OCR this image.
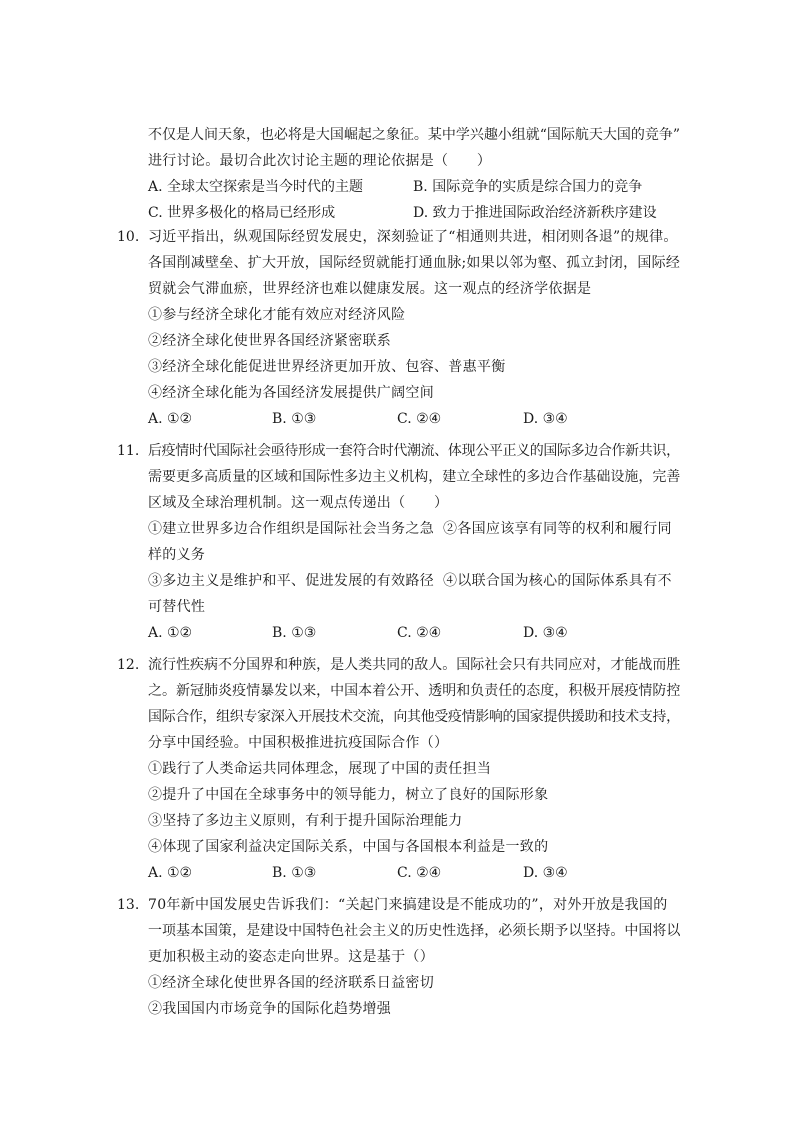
不仅是人间天象，也必将是大国崛起之象征。某中学兴趣小组就“国际航天大国的竞争”
进行讨论。最切合此次讨论主题的理论依据是（　　）
A. 全球太空探索是当今时代的主题	B. 国际竞争的实质是综合国力的竞争
C. 世界多极化的格局已经形成	D. 致力于推进国际政治经济新秩序建设
10. 习近平指出，纵观国际经贸发展史，深刻验证了“相通则共进，相闭则各退”的规律。
各国削减壁垒、扩大开放，国际经贸就能打通血脉;如果以邻为壑、孤立封闭，国际经
贸就会气滞血瘀，世界经济也难以健康发展。这一观点的经济学依据是
①参与经济全球化才能有效应对经济风险
②经济全球化使世界各国经济紧密联系
③经济全球化能促进世界经济更加开放、包容、普惠平衡
④经济全球化能为各国经济发展提供广阔空间
A. ①②	B. ①③	C. ②④	D. ③④
11. 后疫情时代国际社会亟待形成一套符合时代潮流、体现公平正义的国际多边合作新共识，
需要更多高质量的区域和国际性多边主义机构，建立全球性的多边合作基础设施，完善
区域及全球治理机制。这一观点传递出（　　）
①建立世界多边合作组织是国际社会当务之急 ②各国应该享有同等的权利和履行同
样的义务
③多边主义是维护和平、促进发展的有效路径 ④以联合国为核心的国际体系具有不
可替代性
A. ①②	B. ①③	C. ②④	D. ③④
12. 流行性疾病不分国界和种族，是人类共同的敌人。国际社会只有共同应对，才能战而胜
之。新冠肺炎疫情暴发以来，中国本着公开、透明和负责任的态度，积极开展疫情防控
国际合作，组织专家深入开展技术交流，向其他受疫情影响的国家提供援助和技术支持，
分享中国经验。中国积极推进抗疫国际合作（）
①践行了人类命运共同体理念，展现了中国的责任担当
②提升了中国在全球事务中的领导能力，树立了良好的国际形象
③坚持了多边主义原则，有利于提升国际治理能力
④体现了国家利益决定国际关系，中国与各国根本利益是一致的
A. ①②	B. ①③	C. ②④	D. ③④
13. 70年新中国发展史告诉我们：“关起门来搞建设是不能成功的”，对外开放是我国的
一项基本国策，是建设中国特色社会主义的历史性选择，必须长期予以坚持。中国将以
更加积极主动的姿态走向世界。这是基于（）
①经济全球化使世界各国的经济联系日益密切
②我国国内市场竞争的国际化趋势增强
